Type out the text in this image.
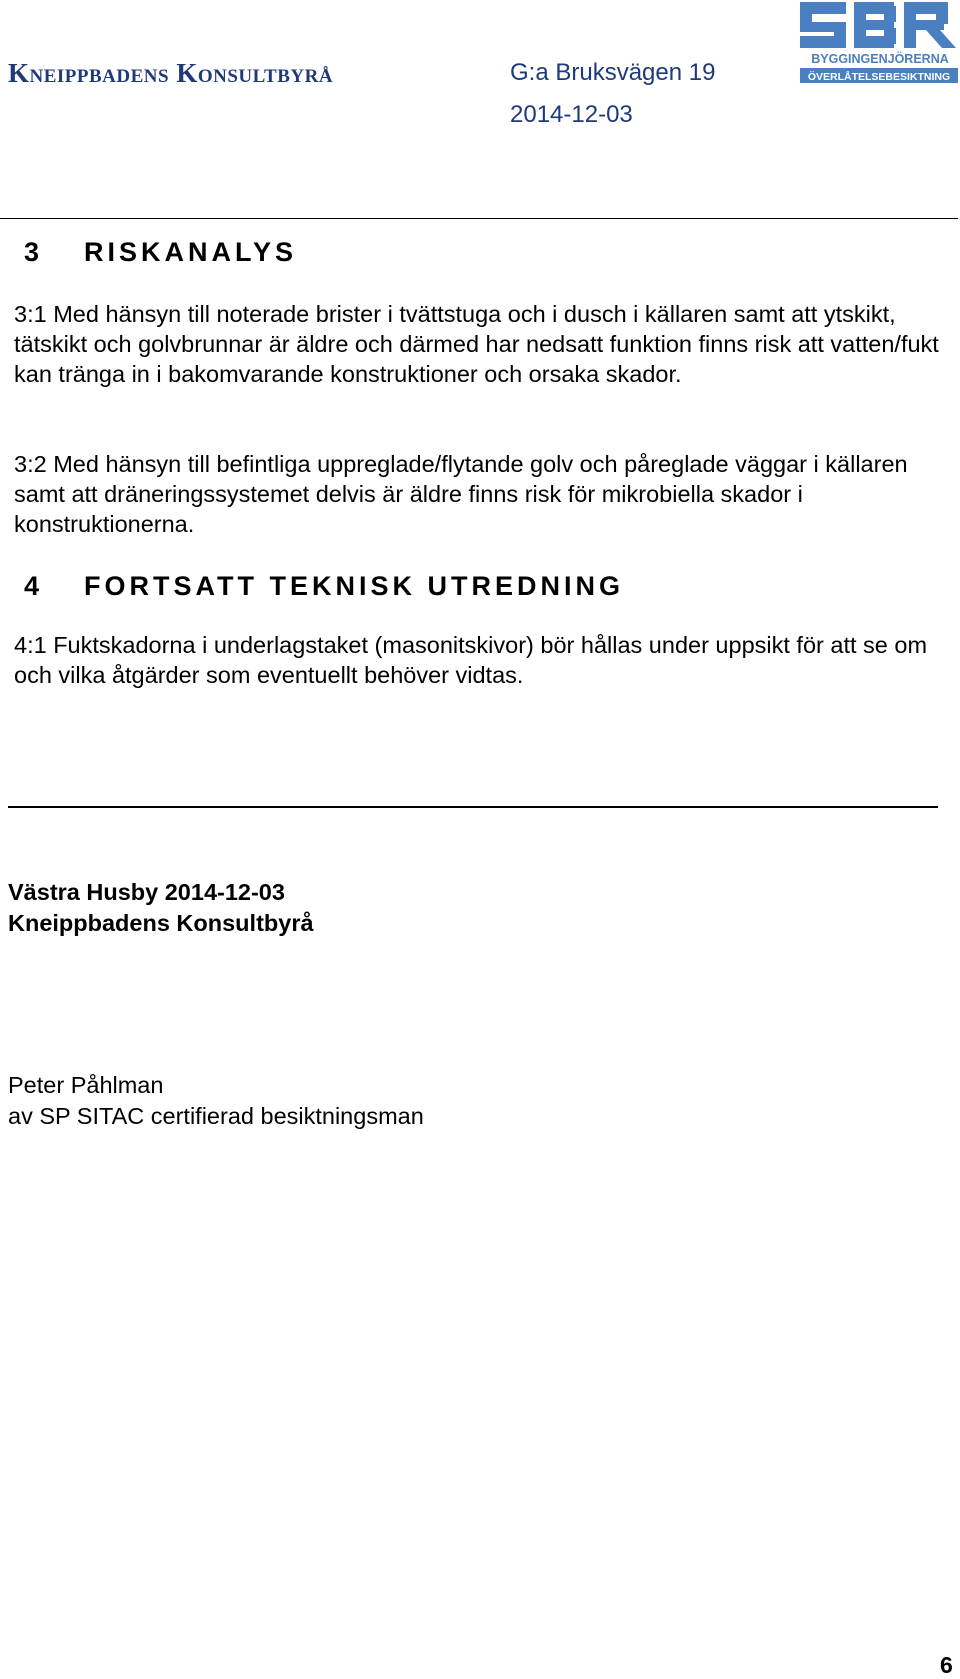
Kneippbadens Konsultbyrå	G:a Bruksvägen 19
2014-12-03
BYGGINGENJÖRERNA
ÖVERLÅTELSEBESIKTNING
3 RISKANALYS

3:1 Med hänsyn till noterade brister i tvättstuga och i dusch i källaren samt att ytskikt, tätskikt och golvbrunnar är äldre och därmed har nedsatt funktion finns risk att vatten/fukt kan tränga in i bakomvarande konstruktioner och orsaka skador.

3:2 Med hänsyn till befintliga uppreglade/flytande golv och påreglade väggar i källaren samt att dräneringssystemet delvis är äldre finns risk för mikrobiella skador i konstruktionerna.

4 FORTSATT TEKNISK UTREDNING

4:1 Fuktskadorna i underlagstaket (masonitskivor) bör hållas under uppsikt för att se om och vilka åtgärder som eventuellt behöver vidtas.

Västra Husby 2014-12-03
Kneippbadens Konsultbyrå
Peter Påhlman
av SP SITAC certifierad besiktningsman
6
